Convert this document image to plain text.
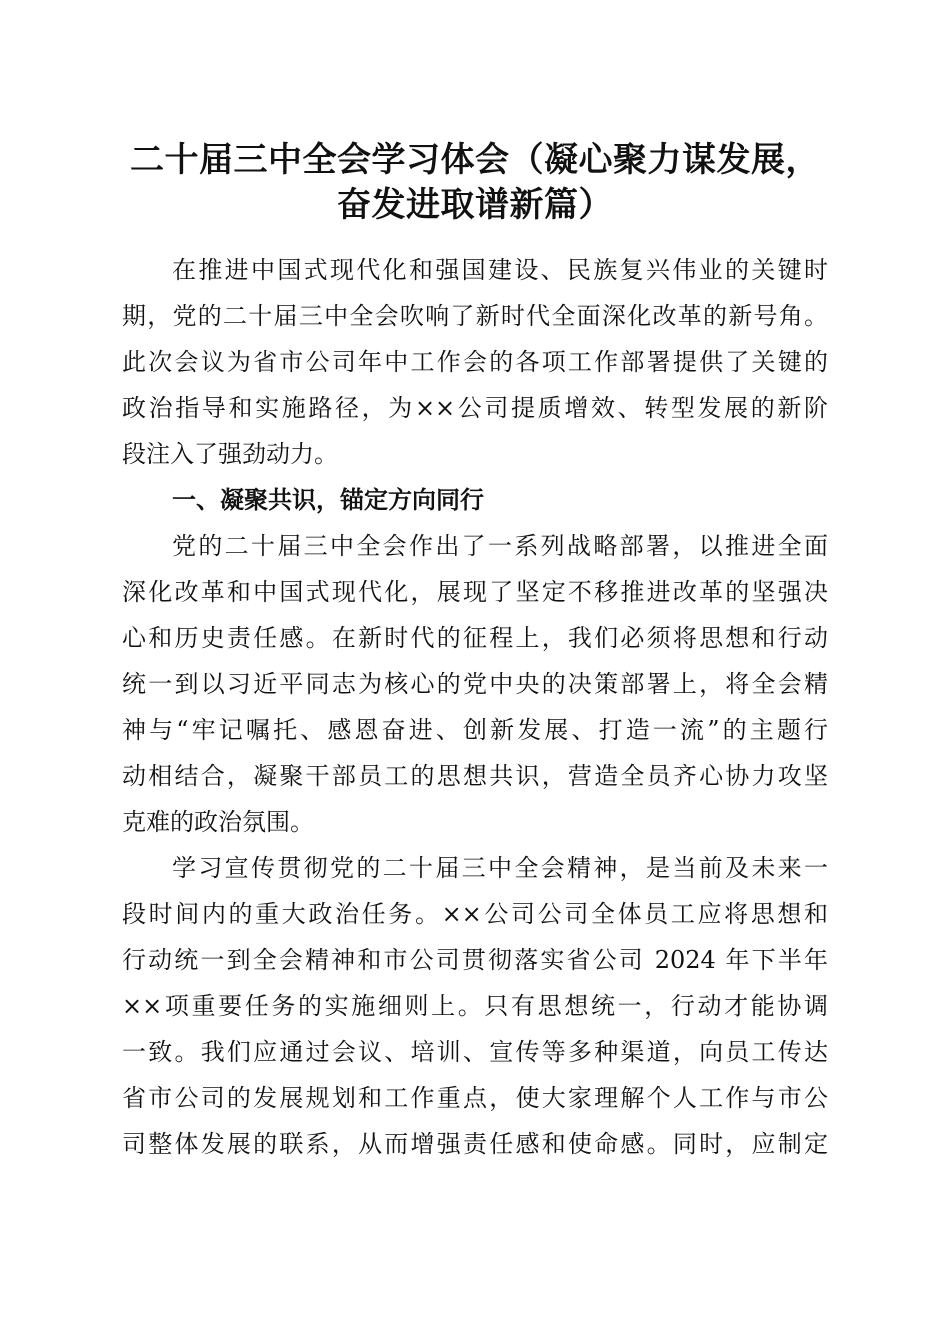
二十届三中全会学习体会（凝心聚力谋发展，
奋发进取谱新篇）
在推进中国式现代化和强国建设、民族复兴伟业的关键时
期，党的二十届三中全会吹响了新时代全面深化改革的新号角。
此次会议为省市公司年中工作会的各项工作部署提供了关键的
政治指导和实施路径，为××公司提质增效、转型发展的新阶
段注入了强劲动力。
一、凝聚共识，锚定方向同行
党的二十届三中全会作出了一系列战略部署，以推进全面
深化改革和中国式现代化，展现了坚定不移推进改革的坚强决
心和历史责任感。在新时代的征程上，我们必须将思想和行动
统一到以习近平同志为核心的党中央的决策部署上，将全会精
神与“牢记嘱托、感恩奋进、创新发展、打造一流”的主题行
动相结合，凝聚干部员工的思想共识，营造全员齐心协力攻坚
克难的政治氛围。
学习宣传贯彻党的二十届三中全会精神，是当前及未来一
段时间内的重大政治任务。××公司公司全体员工应将思想和
行动统一到全会精神和市公司贯彻落实省公司 2024 年下半年
××项重要任务的实施细则上。只有思想统一，行动才能协调
一致。我们应通过会议、培训、宣传等多种渠道，向员工传达
省市公司的发展规划和工作重点，使大家理解个人工作与市公
司整体发展的联系，从而增强责任感和使命感。同时，应制定
